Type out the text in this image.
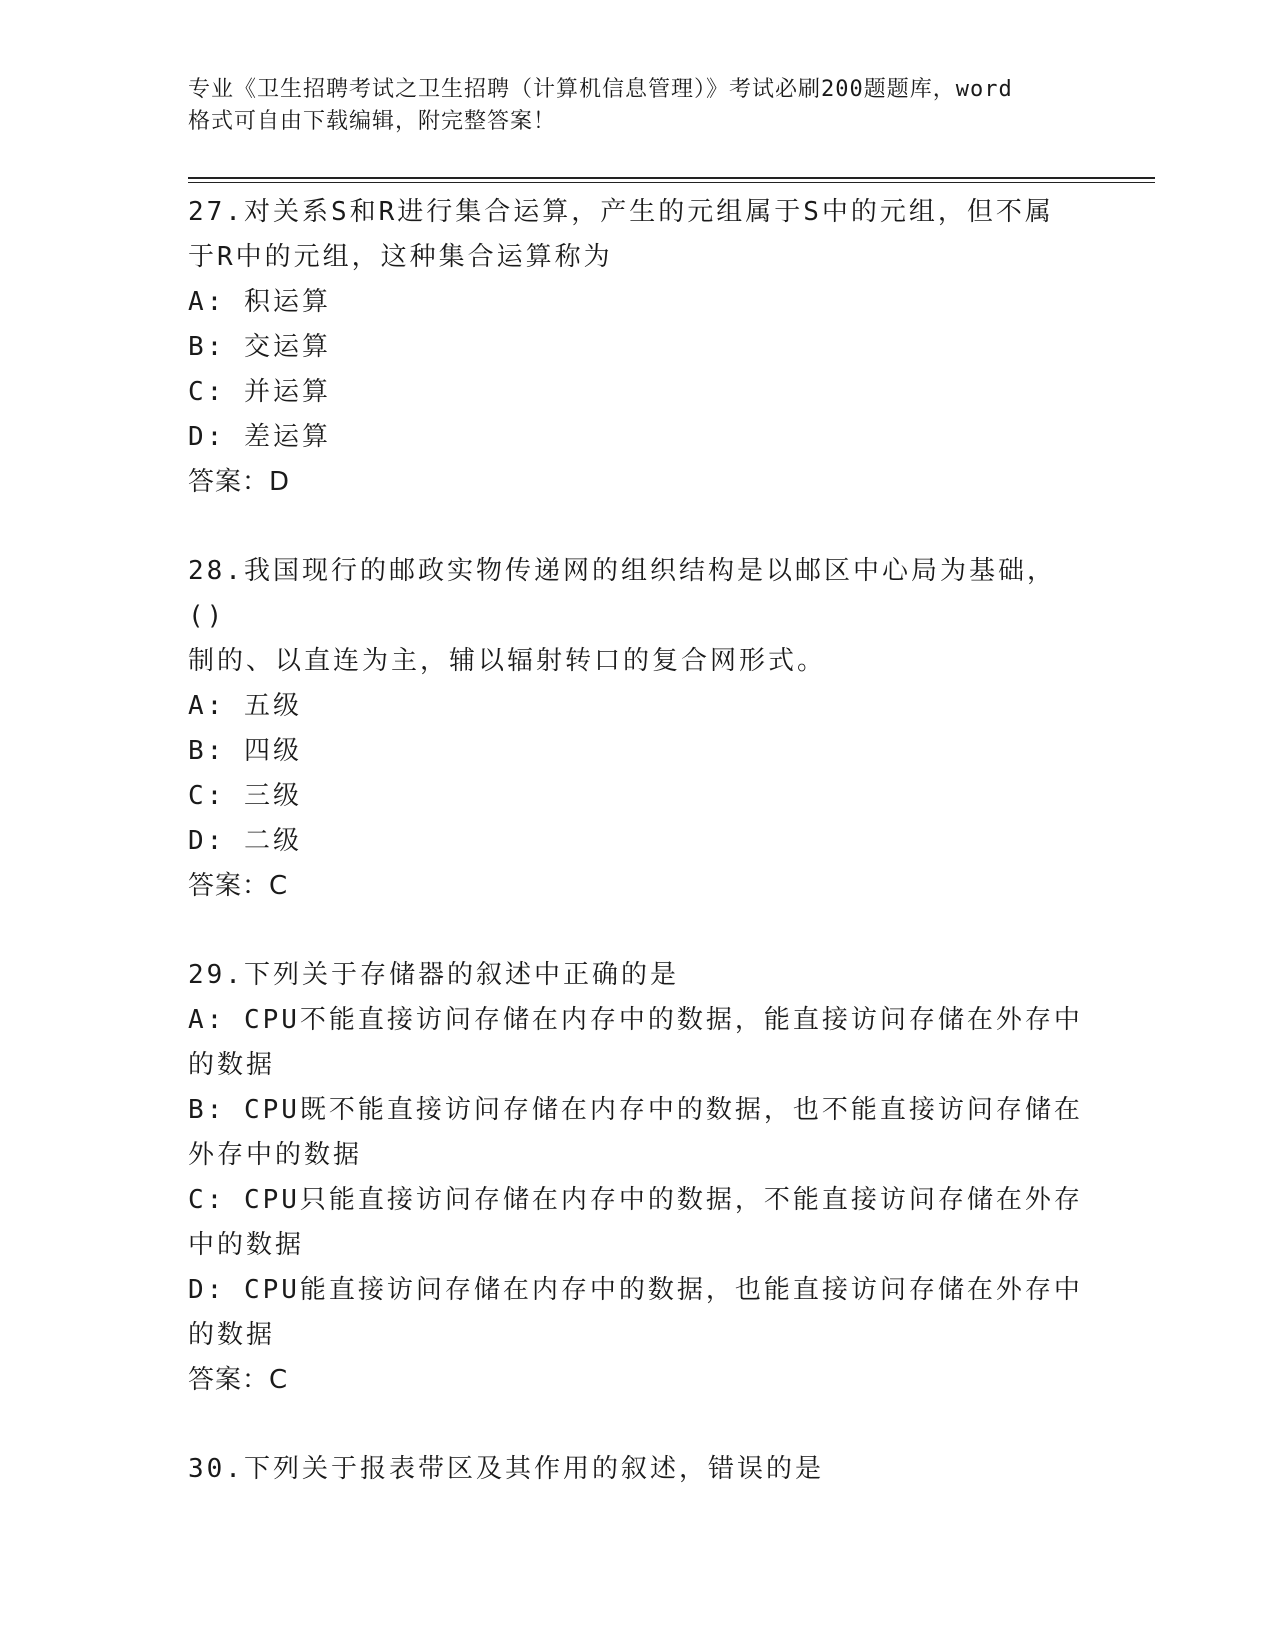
专业《卫生招聘考试之卫生招聘（计算机信息管理）》考试必刷200题题库，word
格式可自由下载编辑，附完整答案！
27.对关系S和R进行集合运算，产生的元组属于S中的元组，但不属
于R中的元组，这种集合运算称为
A: 积运算
B: 交运算
C: 并运算
D: 差运算
答案：D
28.我国现行的邮政实物传递网的组织结构是以邮区中心局为基础，()
制的、以直连为主，辅以辐射转口的复合网形式。
A: 五级
B: 四级
C: 三级
D: 二级
答案：C
29.下列关于存储器的叙述中正确的是
A: CPU不能直接访问存储在内存中的数据，能直接访问存储在外存中
的数据
B: CPU既不能直接访问存储在内存中的数据，也不能直接访问存储在
外存中的数据
C: CPU只能直接访问存储在内存中的数据，不能直接访问存储在外存
中的数据
D: CPU能直接访问存储在内存中的数据，也能直接访问存储在外存中
的数据
答案：C
30.下列关于报表带区及其作用的叙述，错误的是
